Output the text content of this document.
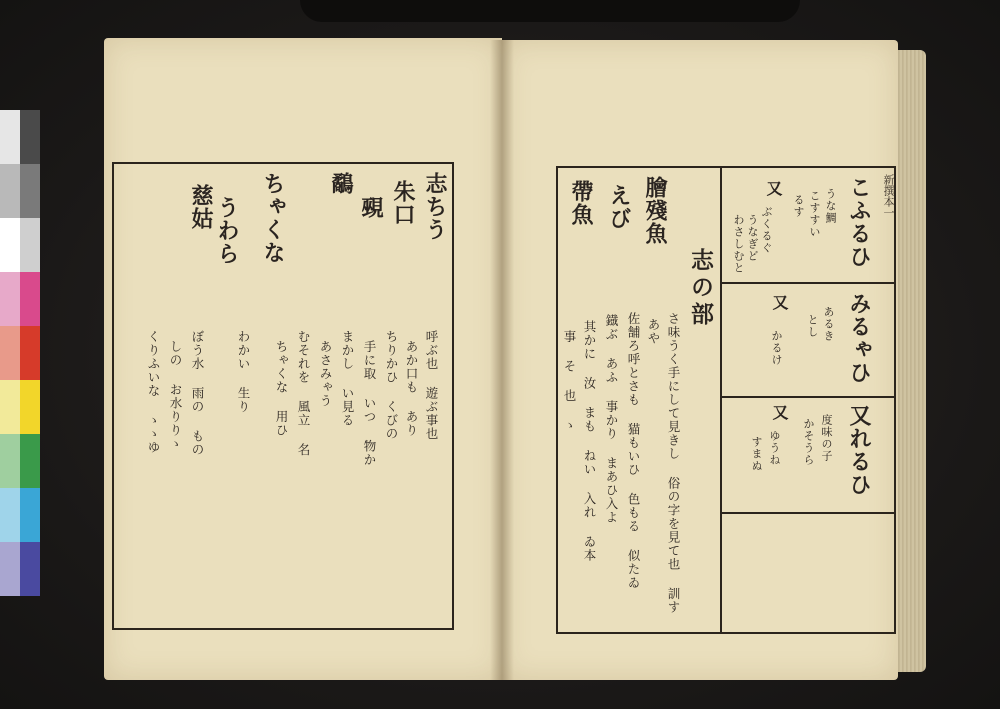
志ちう
朱口
覡
鷸
ちゃくな
慈姑 うわら
呼ぶ也 遊ぶ事也
あか口も あり
ちりかひ くびの
手に取 いつ 物か
まかし い見る
あさみゃう
むそれを 風立 名
ちゃくな 用ひ
わかい 生り
ぼう水 雨の もの
しの お水りりゝ
くりふいな ゝゝゆ
新撰本一
こふるひ
うな鯛
こすすい
るす
又
ぶくるぐ
うなぎど
わさしむと
みるゃひ
あるき
とし
又
かるけ
又れるひ
度味の子
かそうら
又
ゆうね
すまぬ
膾殘魚
えび
帶魚
志の部
さ味うく手にして見きし 俗の字を見て也 訓す
あや
佐舗ろ呼とさも 猫もいひ 色もる 似たゐ
鐡ぶ あふ 事かり まあひ入よ
其かに 汝 まも ねい 入れ ゐ本
事 そ 也 ゝ
